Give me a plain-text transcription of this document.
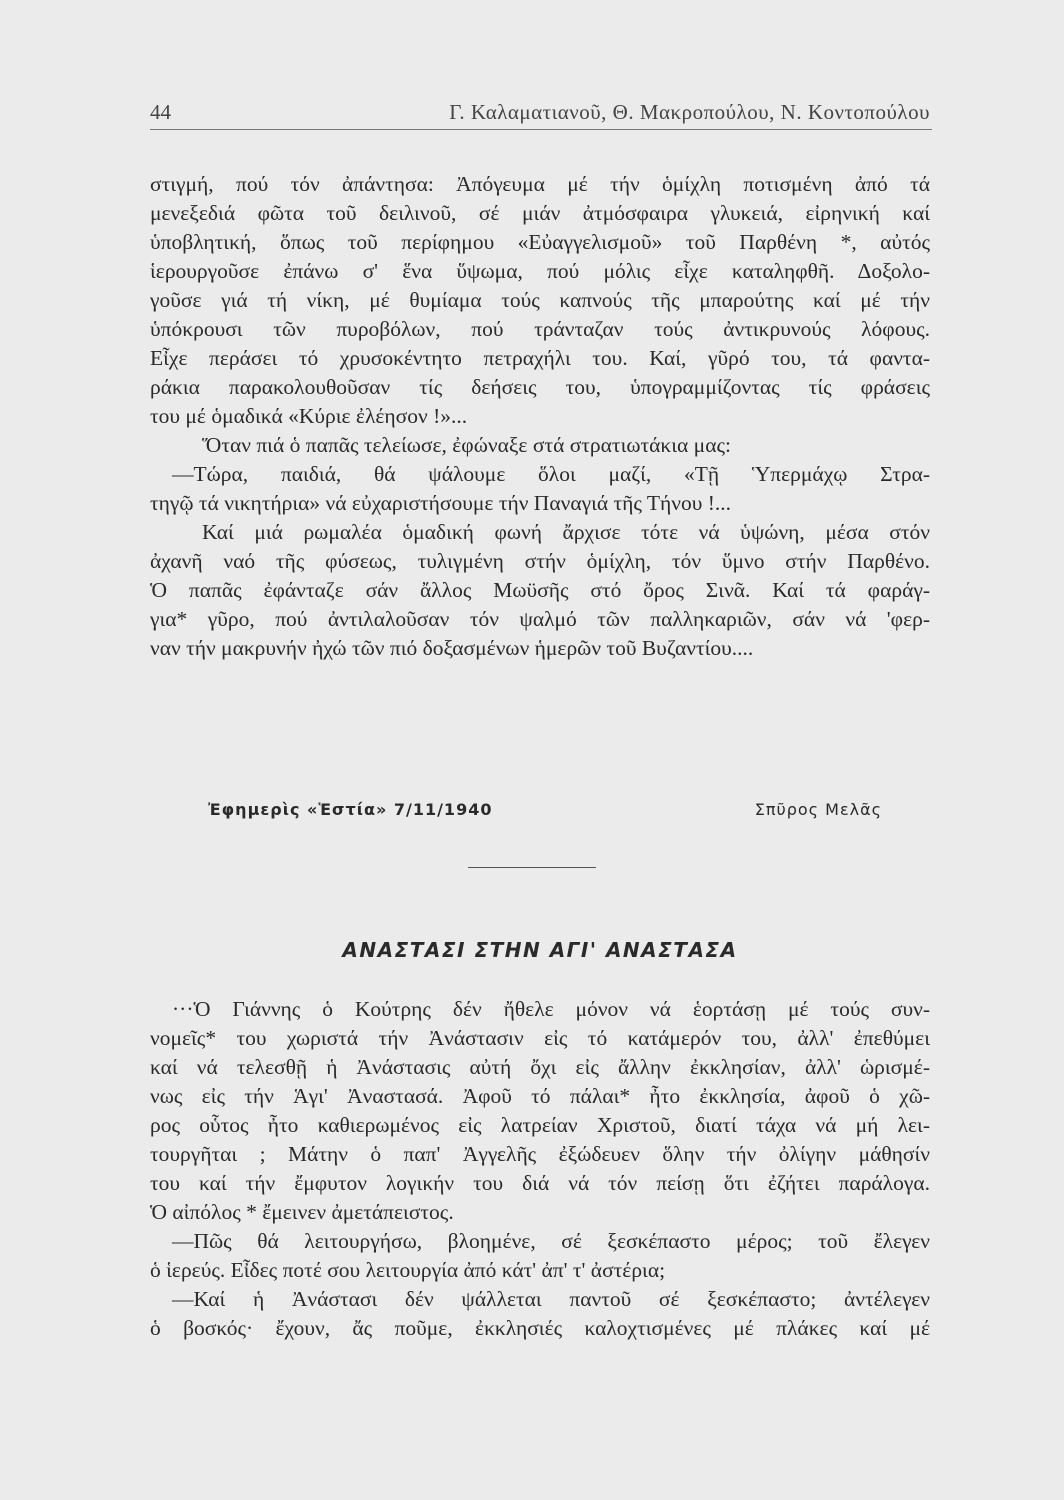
44	Γ. Καλαματιανοῦ, Θ. Μακροπούλου, Ν. Κοντοπούλου
στιγμή, πού τόν ἀπάντησα: Ἀπόγευμα μέ τήν ὁμίχλη ποτισμένη ἀπό τά
μενεξεδιά φῶτα τοῦ δειλινοῦ, σέ μιάν ἀτμόσφαιρα γλυκειά, εἰρηνική καί
ὑποβλητική, ὅπως τοῦ περίφημου «Εὐαγγελισμοῦ» τοῦ Παρθένη *, αὐτός
ἱερουργοῦσε ἐπάνω σ' ἕνα ὕψωμα, πού μόλις εἶχε καταληφθῆ. Δοξολο-
γοῦσε γιά τή νίκη, μέ θυμίαμα τούς καπνούς τῆς μπαρούτης καί μέ τήν
ὑπόκρουσι τῶν πυροβόλων, πού τράνταζαν τούς ἀντικρυνούς λόφους.
Εἶχε περάσει τό χρυσοκέντητο πετραχήλι του. Καί, γῦρό του, τά φαντα-
ράκια παρακολουθοῦσαν τίς δεήσεις του, ὑπογραμμίζοντας τίς φράσεις
του μέ ὁμαδικά «Κύριε ἐλέησον !»...
Ὅταν πιά ὁ παπᾶς τελείωσε, ἐφώναξε στά στρατιωτάκια μας:
—Τώρα, παιδιά, θά ψάλουμε ὅλοι μαζί, «Τῇ Ὑπερμάχῳ Στρα-
τηγῷ τά νικητήρια» νά εὐχαριστήσουμε τήν Παναγιά τῆς Τήνου !...
Καί μιά ρωμαλέα ὁμαδική φωνή ἄρχισε τότε νά ὑψώνη, μέσα στόν
ἀχανῆ ναό τῆς φύσεως, τυλιγμένη στήν ὁμίχλη, τόν ὕμνο στήν Παρθένο.
Ὁ παπᾶς ἐφάνταζε σάν ἄλλος Μωϋσῆς στό ὄρος Σινᾶ. Καί τά φαράγ-
για* γῦρο, πού ἀντιλαλοῦσαν τόν ψαλμό τῶν παλληκαριῶν, σάν νά 'φερ-
ναν τήν μακρυνήν ἠχώ τῶν πιό δοξασμένων ἡμερῶν τοῦ Βυζαντίου....
Ἐφημερὶς «Ἑστία» 7/11/1940	Σπῦρος Μελᾶς
ΑΝΑΣΤΑΣΙ ΣΤΗΝ ΑΓΙ' ΑΝΑΣΤΑΣΑ
···Ὁ Γιάννης ὁ Κούτρης δέν ἤθελε μόνον νά ἑορτάσῃ μέ τούς συν-
νομεῖς* του χωριστά τήν Ἀνάστασιν εἰς τό κατάμερόν του, ἀλλ' ἐπεθύμει
καί νά τελεσθῇ ἡ Ἀνάστασις αὐτή ὄχι εἰς ἄλλην ἐκκλησίαν, ἀλλ' ὡρισμέ-
νως εἰς τήν Ἁγι' Ἀναστασά. Ἀφοῦ τό πάλαι* ἦτο ἐκκλησία, ἀφοῦ ὁ χῶ-
ρος οὗτος ἦτο καθιερωμένος εἰς λατρείαν Χριστοῦ, διατί τάχα νά μή λει-
τουργῆται ; Μάτην ὁ παπ' Ἀγγελῆς ἐξώδευεν ὅλην τήν ὀλίγην μάθησίν
του καί τήν ἔμφυτον λογικήν του διά νά τόν πείσῃ ὅτι ἐζήτει παράλογα.
Ὁ αἰπόλος * ἔμεινεν ἀμετάπειστος.
—Πῶς θά λειτουργήσω, βλοημένε, σέ ξεσκέπαστο μέρος; τοῦ ἔλεγεν
ὁ ἱερεύς. Εἶδες ποτέ σου λειτουργία ἀπό κάτ' ἀπ' τ' ἀστέρια;
—Καί ἡ Ἀνάστασι δέν ψάλλεται παντοῦ σέ ξεσκέπαστο; ἀντέλεγεν
ὁ βοσκός· ἔχουν, ἄς ποῦμε, ἐκκλησιές καλοχτισμένες μέ πλάκες καί μέ
